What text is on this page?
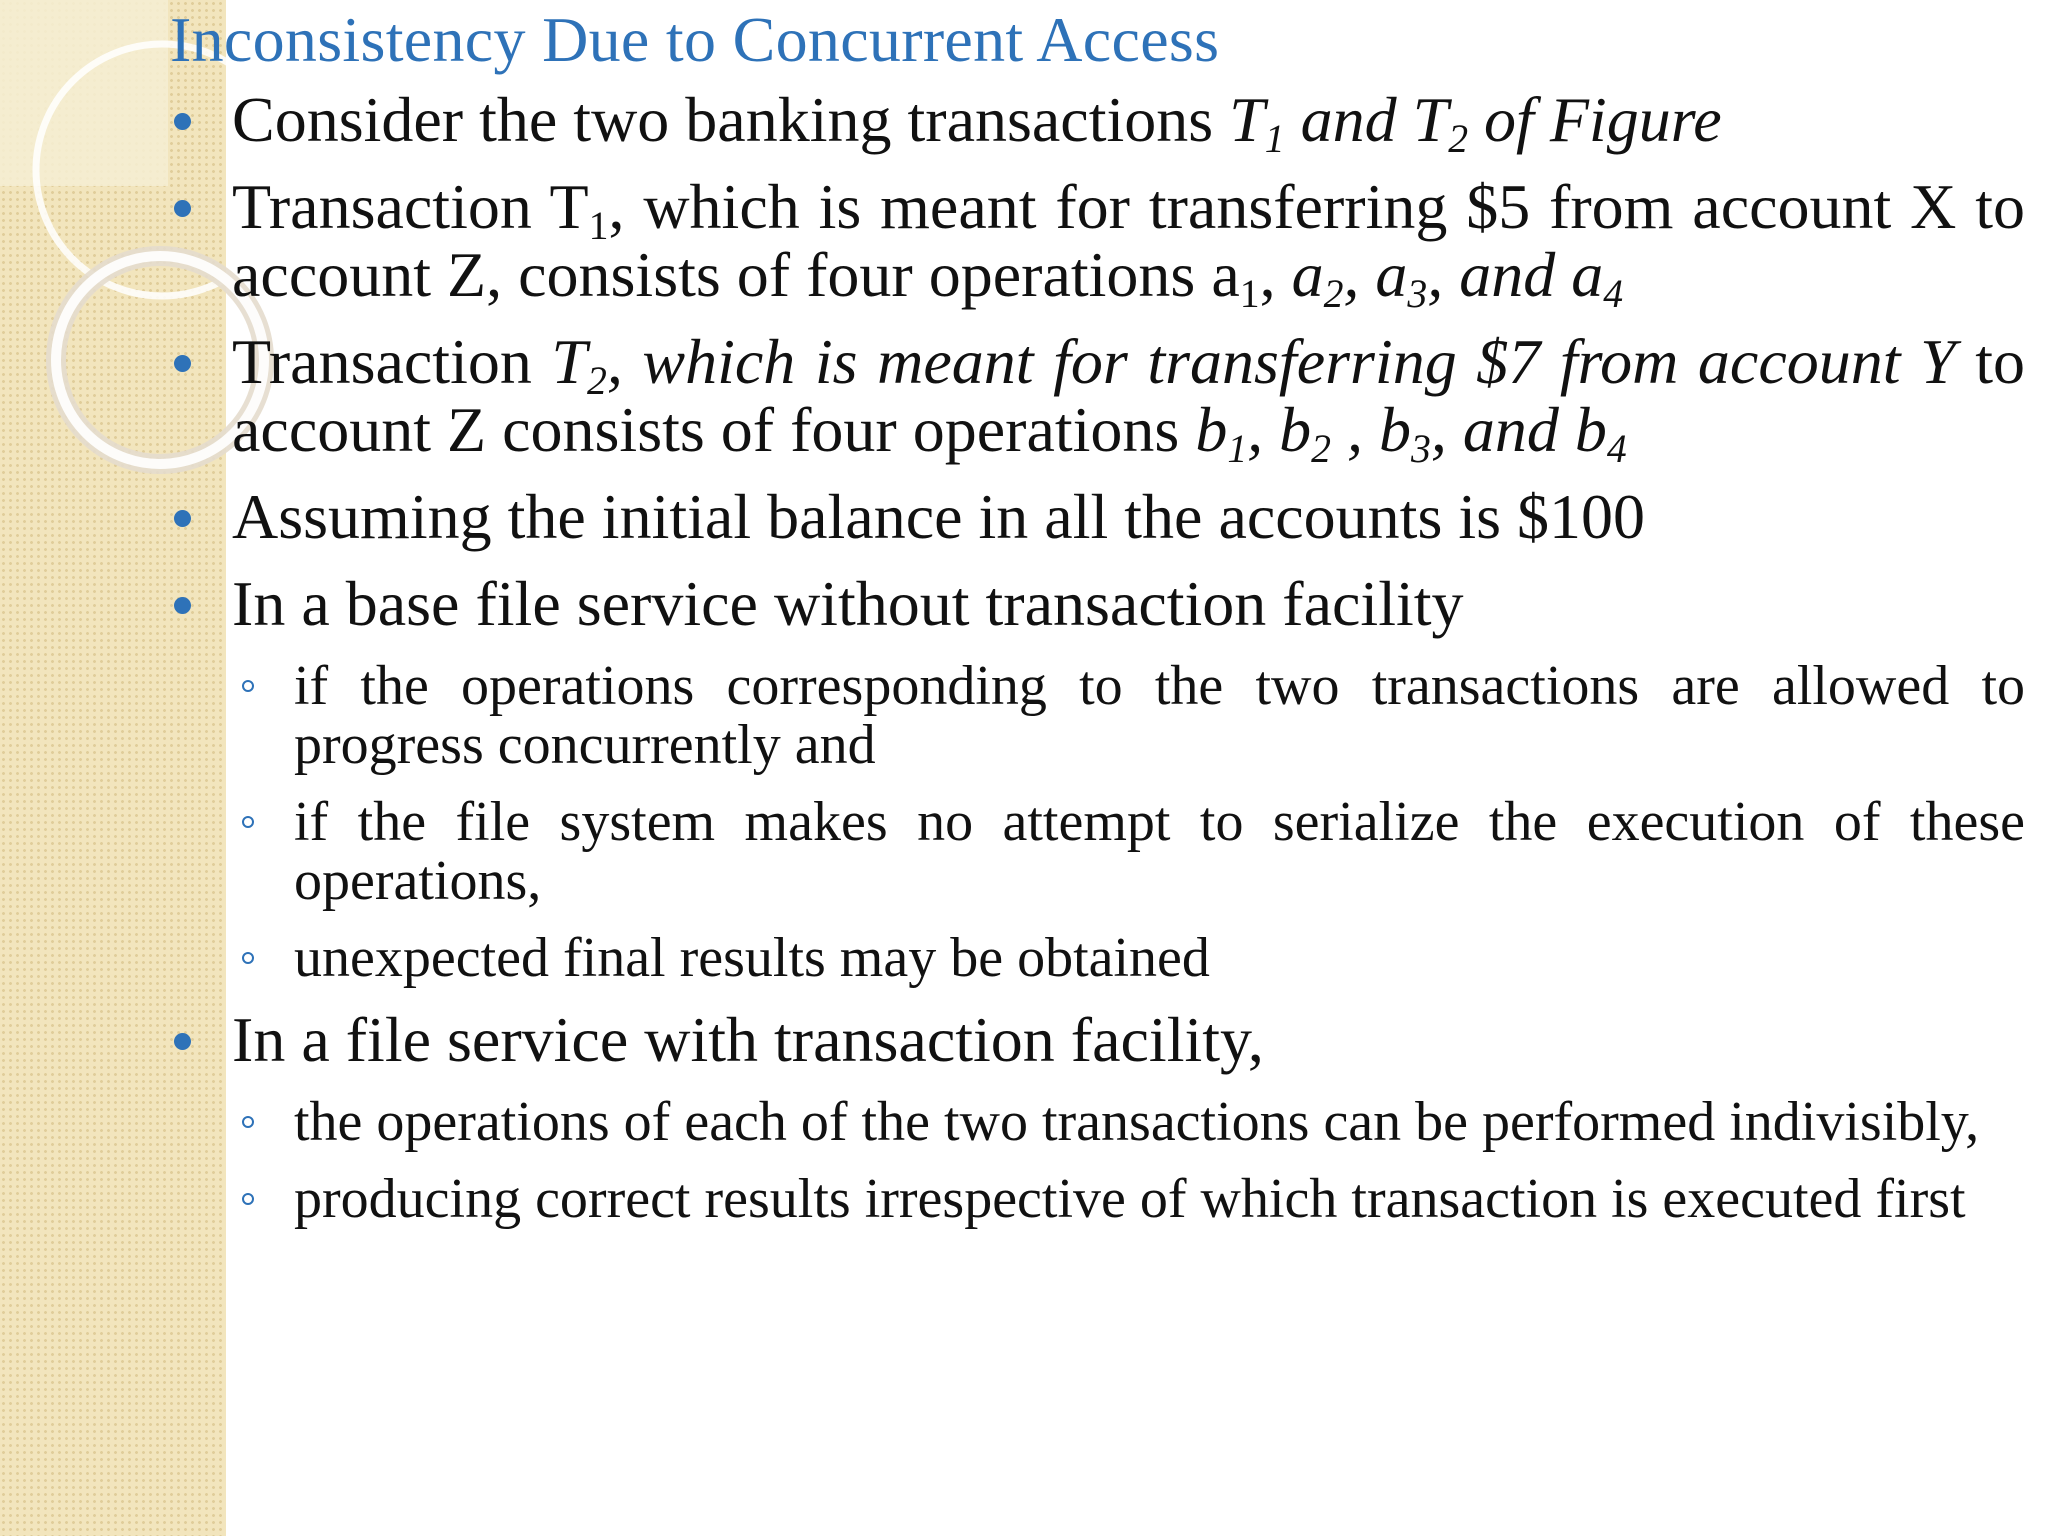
Inconsistency Due to Concurrent Access
Consider the two banking transactions $T_1$ and $T_2$ of Figure
Transaction $T_1$, which is meant for transferring $5 from account X to account Z, consists of four operations $a_1$, $a_2$, $a_3$, and $a_4$
Transaction $T_2$, which is meant for transferring $7 from account Y to account Z consists of four operations $b_1$, $b_2$ , $b_3$, and $b_4$
Assuming the initial balance in all the accounts is $100
In a base file service without transaction facility
if the operations corresponding to the two transactions are allowed to progress concurrently and
if the file system makes no attempt to serialize the execution of these operations,
unexpected final results may be obtained
In a file service with transaction facility,
the operations of each of the two transactions can be performed indivisibly,
producing correct results irrespective of which transaction is executed first
